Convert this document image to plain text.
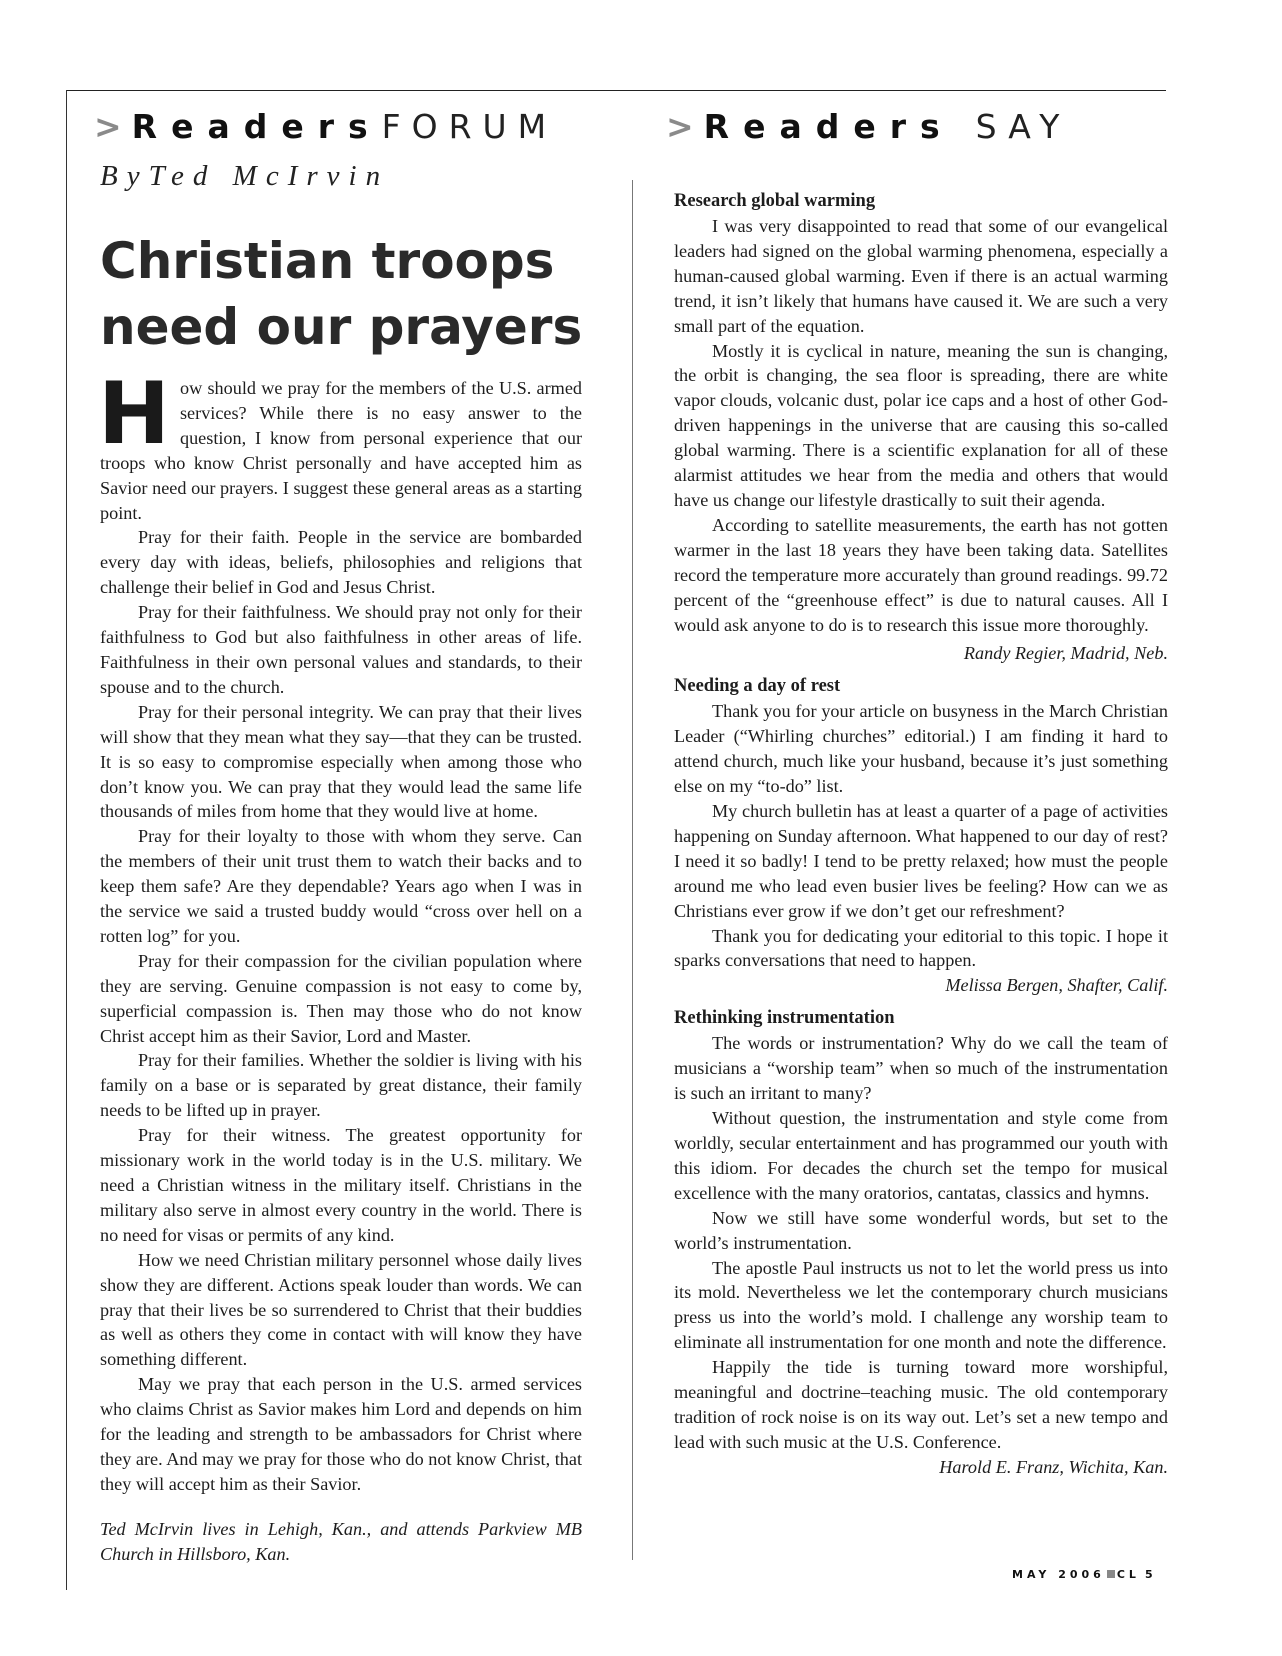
> ReadersFORUM
ByTed McIrvin
Christian troops
need our prayers

How should we pray for the members of the U.S. armed services? While there is no easy answer to the question, I know from personal experience that our troops who know Christ personally and have accepted him as Savior need our prayers. I suggest these general areas as a starting point.

Pray for their faith. People in the service are bombarded every day with ideas, beliefs, philosophies and religions that challenge their belief in God and Jesus Christ.

Pray for their faithfulness. We should pray not only for their faithfulness to God but also faithfulness in other areas of life. Faithfulness in their own personal values and standards, to their spouse and to the church.

Pray for their personal integrity. We can pray that their lives will show that they mean what they say—that they can be trusted. It is so easy to compromise especially when among those who don’t know you. We can pray that they would lead the same life thousands of miles from home that they would live at home.

Pray for their loyalty to those with whom they serve. Can the members of their unit trust them to watch their backs and to keep them safe? Are they dependable? Years ago when I was in the service we said a trusted buddy would “cross over hell on a rotten log” for you.

Pray for their compassion for the civilian population where they are serving. Genuine compassion is not easy to come by, superficial compassion is. Then may those who do not know Christ accept him as their Savior, Lord and Master.

Pray for their families. Whether the soldier is living with his family on a base or is separated by great distance, their family needs to be lifted up in prayer.

Pray for their witness. The greatest opportunity for missionary work in the world today is in the U.S. military. We need a Christian witness in the military itself. Christians in the military also serve in almost every country in the world. There is no need for visas or permits of any kind.

How we need Christian military personnel whose daily lives show they are different. Actions speak louder than words. We can pray that their lives be so surrendered to Christ that their buddies as well as others they come in contact with will know they have something different.

May we pray that each person in the U.S. armed services who claims Christ as Savior makes him Lord and depends on him for the leading and strength to be ambassadors for Christ where they are. And may we pray for those who do not know Christ, that they will accept him as their Savior.

Ted McIrvin lives in Lehigh, Kan., and attends Parkview MB Church in Hillsboro, Kan.

> Readers SAY

Research global warming

I was very disappointed to read that some of our evangelical leaders had signed on the global warming phenomena, especially a human-caused global warming. Even if there is an actual warming trend, it isn’t likely that humans have caused it. We are such a very small part of the equation.

Mostly it is cyclical in nature, meaning the sun is changing, the orbit is changing, the sea floor is spreading, there are white vapor clouds, volcanic dust, polar ice caps and a host of other God-driven happenings in the universe that are causing this so-called global warming. There is a scientific explanation for all of these alarmist attitudes we hear from the media and others that would have us change our lifestyle drastically to suit their agenda.

According to satellite measurements, the earth has not gotten warmer in the last 18 years they have been taking data. Satellites record the temperature more accurately than ground readings. 99.72 percent of the “greenhouse effect” is due to natural causes. All I would ask anyone to do is to research this issue more thoroughly.

Randy Regier, Madrid, Neb.

Needing a day of rest

Thank you for your article on busyness in the March Christian Leader (“Whirling churches” editorial.) I am finding it hard to attend church, much like your husband, because it’s just something else on my “to-do” list.

My church bulletin has at least a quarter of a page of activities happening on Sunday afternoon. What happened to our day of rest? I need it so badly! I tend to be pretty relaxed; how must the people around me who lead even busier lives be feeling? How can we as Christians ever grow if we don’t get our refreshment?

Thank you for dedicating your editorial to this topic. I hope it sparks conversations that need to happen.

Melissa Bergen, Shafter, Calif.

Rethinking instrumentation

The words or instrumentation? Why do we call the team of musicians a “worship team” when so much of the instrumentation is such an irritant to many?

Without question, the instrumentation and style come from worldly, secular entertainment and has programmed our youth with this idiom. For decades the church set the tempo for musical excellence with the many oratorios, cantatas, classics and hymns.

Now we still have some wonderful words, but set to the world’s instrumentation.

The apostle Paul instructs us not to let the world press us into its mold. Nevertheless we let the contemporary church musicians press us into the world’s mold. I challenge any worship team to eliminate all instrumentation for one month and note the difference.

Happily the tide is turning toward more worshipful, meaningful and doctrine–teaching music. The old contemporary tradition of rock noise is on its way out. Let’s set a new tempo and lead with such music at the U.S. Conference.

Harold E. Franz, Wichita, Kan.

MAY 2006 CL  5
